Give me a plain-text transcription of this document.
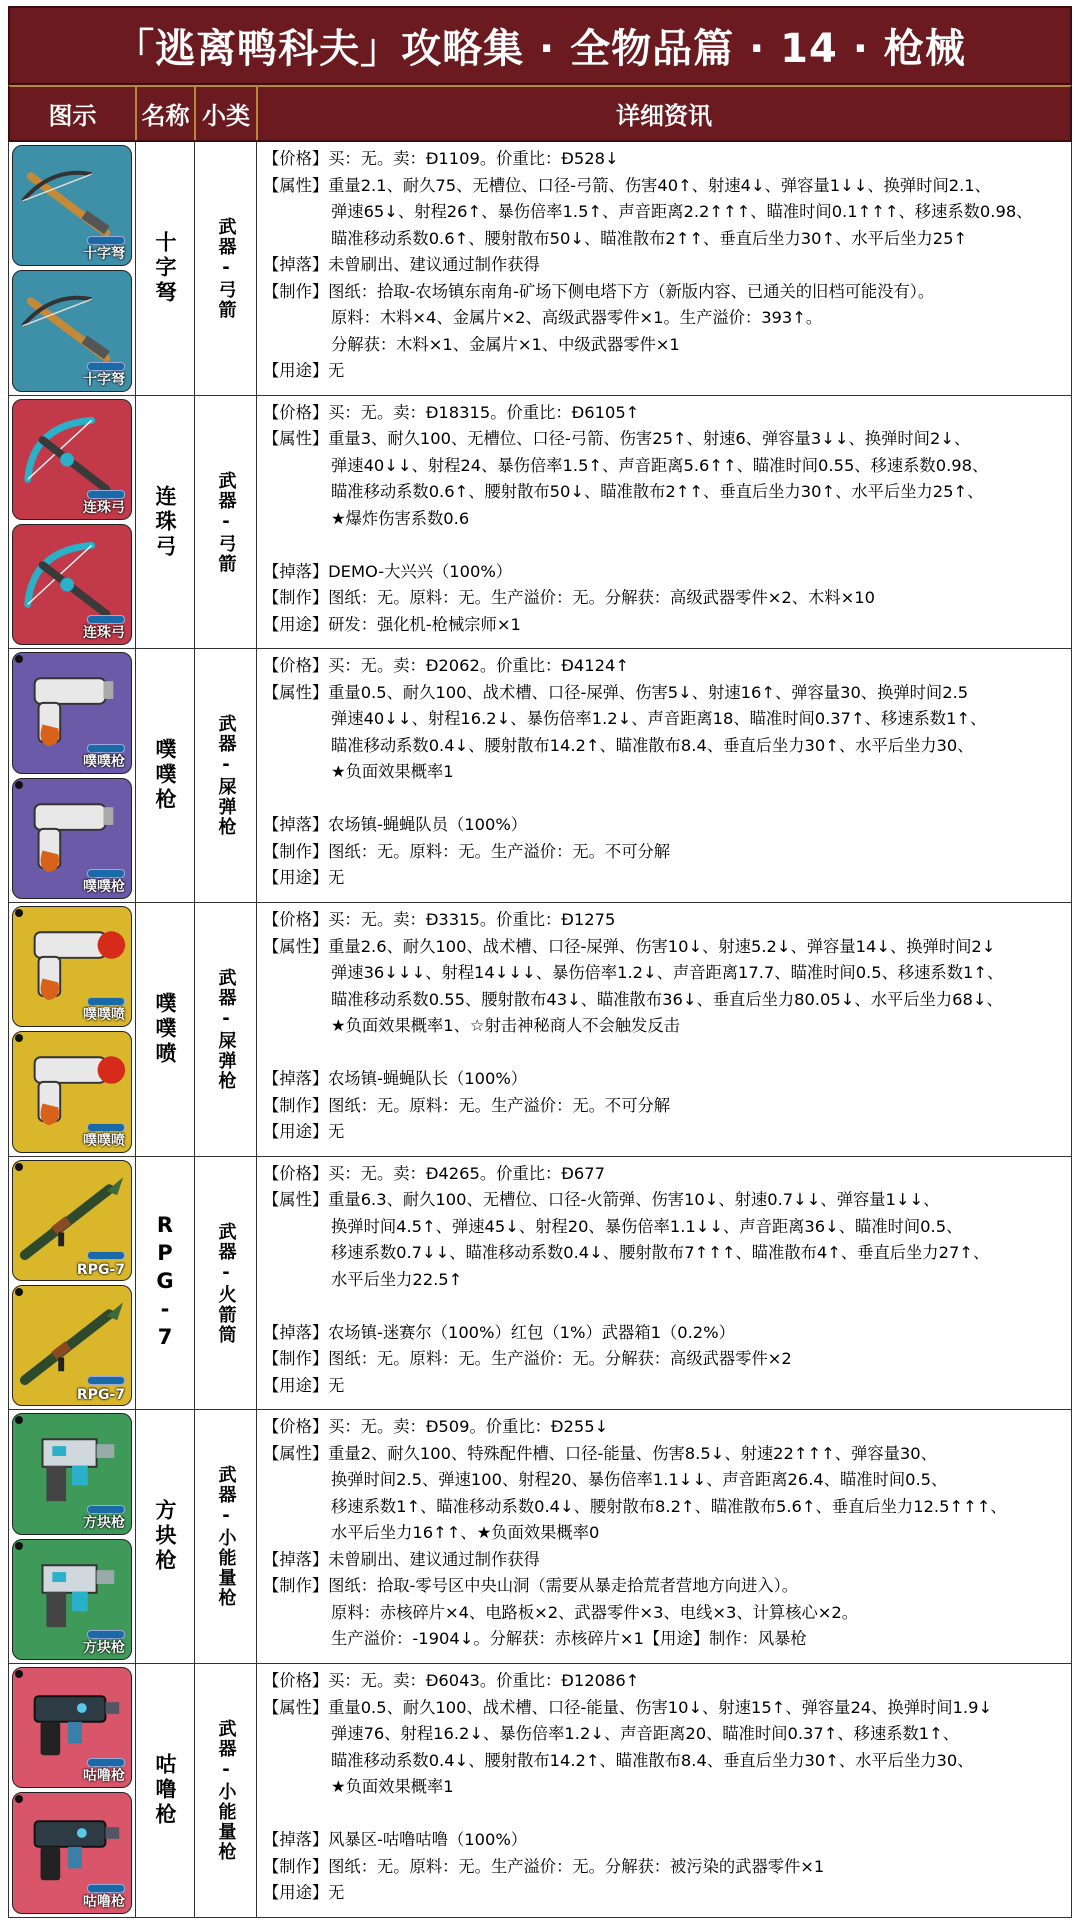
「逃离鸭科夫」攻略集 · 全物品篇 · 14 · 枪械
图示	名称 小类	详细资讯
十字弩
十字弩
十字弩 武器-弓箭
【价格】买：无。卖：Đ1109。价重比：Đ528↓
【属性】重量2.1、耐久75、无槽位、口径-弓箭、伤害40↑、射速4↓、弹容量1↓↓、换弹时间2.1、
弹速65↓、射程26↑、暴伤倍率1.5↑、声音距离2.2↑↑↑、瞄准时间0.1↑↑↑、移速系数0.98、
瞄准移动系数0.6↑、腰射散布50↓、瞄准散布2↑↑、垂直后坐力30↑、水平后坐力25↑
【掉落】未曾刷出、建议通过制作获得
【制作】图纸：拾取-农场镇东南角-矿场下侧电塔下方（新版内容、已通关的旧档可能没有）。
原料：木料×4、金属片×2、高级武器零件×1。生产溢价：393↑。
分解获：木料×1、金属片×1、中级武器零件×1
【用途】无
连珠弓
连珠弓
连珠弓 武器-弓箭
【价格】买：无。卖：Đ18315。价重比：Đ6105↑
【属性】重量3、耐久100、无槽位、口径-弓箭、伤害25↑、射速6、弹容量3↓↓、换弹时间2↓、
弹速40↓↓、射程24、暴伤倍率1.5↑、声音距离5.6↑↑、瞄准时间0.55、移速系数0.98、
瞄准移动系数0.6↑、腰射散布50↓、瞄准散布2↑↑、垂直后坐力30↑、水平后坐力25↑、
★爆炸伤害系数0.6
【掉落】DEMO-大兴兴（100%）
【制作】图纸：无。原料：无。生产溢价：无。分解获：高级武器零件×2、木料×10
【用途】研发：强化机-枪械宗师×1
噗噗枪
噗噗枪
噗噗枪 武器-屎弹枪
【价格】买：无。卖：Đ2062。价重比：Đ4124↑
【属性】重量0.5、耐久100、战术槽、口径-屎弹、伤害5↓、射速16↑、弹容量30、换弹时间2.5
弹速40↓↓、射程16.2↓、暴伤倍率1.2↓、声音距离18、瞄准时间0.37↑、移速系数1↑、
瞄准移动系数0.4↓、腰射散布14.2↑、瞄准散布8.4、垂直后坐力30↑、水平后坐力30、
★负面效果概率1
【掉落】农场镇-蝇蝇队员（100%）
【制作】图纸：无。原料：无。生产溢价：无。不可分解
【用途】无
噗噗喷
噗噗喷
噗噗喷 武器-屎弹枪
【价格】买：无。卖：Đ3315。价重比：Đ1275
【属性】重量2.6、耐久100、战术槽、口径-屎弹、伤害10↓、射速5.2↓、弹容量14↓、换弹时间2↓
弹速36↓↓↓、射程14↓↓↓、暴伤倍率1.2↓、声音距离17.7、瞄准时间0.5、移速系数1↑、
瞄准移动系数0.55、腰射散布43↓、瞄准散布36↓、垂直后坐力80.05↓、水平后坐力68↓、
★负面效果概率1、☆射击神秘商人不会触发反击
【掉落】农场镇-蝇蝇队长（100%）
【制作】图纸：无。原料：无。生产溢价：无。不可分解
【用途】无
RPG-7
RPG-7
RPG-7 武器-火箭筒
【价格】买：无。卖：Đ4265。价重比：Đ677
【属性】重量6.3、耐久100、无槽位、口径-火箭弹、伤害10↓、射速0.7↓↓、弹容量1↓↓、
换弹时间4.5↑、弹速45↓、射程20、暴伤倍率1.1↓↓、声音距离36↓、瞄准时间0.5、
移速系数0.7↓↓、瞄准移动系数0.4↓、腰射散布7↑↑↑、瞄准散布4↑、垂直后坐力27↑、
水平后坐力22.5↑
【掉落】农场镇-迷赛尔（100%）红包（1%）武器箱1（0.2%）
【制作】图纸：无。原料：无。生产溢价：无。分解获：高级武器零件×2
【用途】无
方块枪
方块枪
方块枪 武器-小能量枪
【价格】买：无。卖：Đ509。价重比：Đ255↓
【属性】重量2、耐久100、特殊配件槽、口径-能量、伤害8.5↓、射速22↑↑↑、弹容量30、
换弹时间2.5、弹速100、射程20、暴伤倍率1.1↓↓、声音距离26.4、瞄准时间0.5、
移速系数1↑、瞄准移动系数0.4↓、腰射散布8.2↑、瞄准散布5.6↑、垂直后坐力12.5↑↑↑、
水平后坐力16↑↑、★负面效果概率0
【掉落】未曾刷出、建议通过制作获得
【制作】图纸：拾取-零号区中央山洞（需要从暴走拾荒者营地方向进入）。
原料：赤核碎片×4、电路板×2、武器零件×3、电线×3、计算核心×2。
生产溢价：-1904↓。分解获：赤核碎片×1【用途】制作：风暴枪
咕噜枪
咕噜枪
咕噜枪 武器-小能量枪
【价格】买：无。卖：Đ6043。价重比：Đ12086↑
【属性】重量0.5、耐久100、战术槽、口径-能量、伤害10↓、射速15↑、弹容量24、换弹时间1.9↓
弹速76、射程16.2↓、暴伤倍率1.2↓、声音距离20、瞄准时间0.37↑、移速系数1↑、
瞄准移动系数0.4↓、腰射散布14.2↑、瞄准散布8.4、垂直后坐力30↑、水平后坐力30、
★负面效果概率1
【掉落】风暴区-咕噜咕噜（100%）
【制作】图纸：无。原料：无。生产溢价：无。分解获：被污染的武器零件×1
【用途】无
